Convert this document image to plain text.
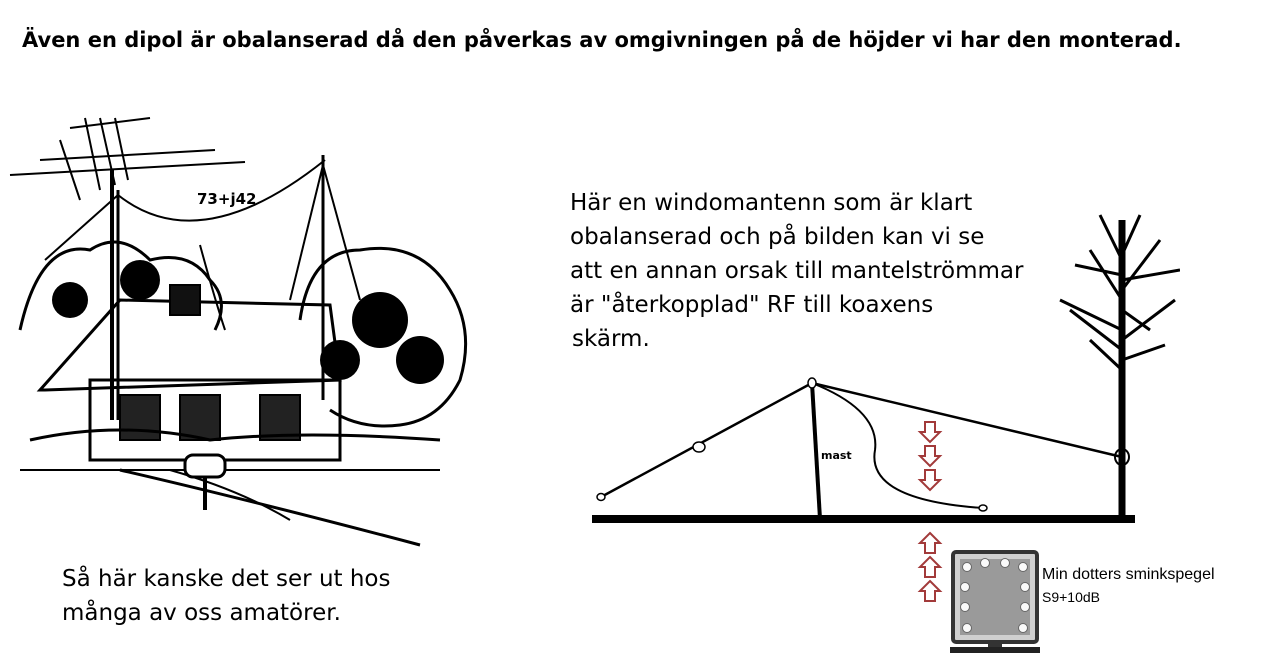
Även en dipol är obalanserad då den påverkas av omgivningen på de höjder vi har den monterad.
73+j42	Här en windomantenn som är klart
obalanserad och på bilden kan vi se
att en annan orsak till mantelströmmar
är "återkopplad" RF till koaxens
skärm.
mast
Så här kanske det ser ut hos
många av oss amatörer.
Min dotters sminkspegel
S9+10dB
